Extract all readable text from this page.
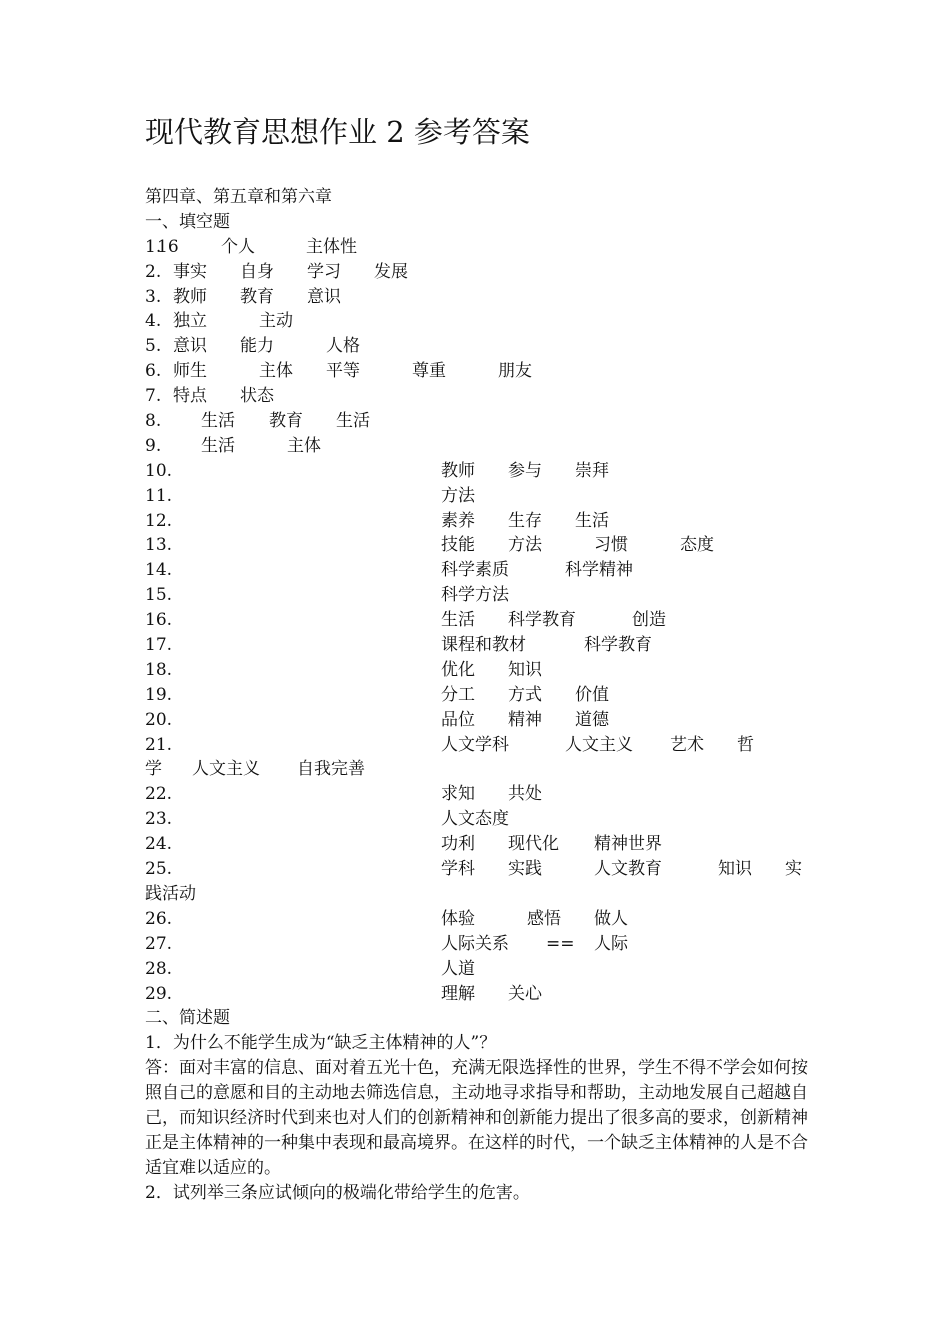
现代教育思想作业 2 参考答案
第四章、第五章和第六章
一、填空题
1.
16 个人	主体性
2. 事实 自身 学习 发展
3. 教师 教育 意识
4. 独立	主动
5. 意识 能力	人格
6. 师生	主体 平等	尊重	朋友
7. 特点 状态
8. 生活 教育 生活
9. 生活	主体
10.	教师 参与 崇拜
11.	方法
12.	素养 生存 生活
13.	技能 方法	习惯	态度
14.	科学素质	科学精神
15.	科学方法
16.	生活 科学教育	创造
17.	课程和教材	科学教育
18.	优化 知识
19.	分工 方式 价值
20.	品位 精神 道德
21.	人文学科	人文主义 艺术 哲
学 人文主义 自我完善
22.	求知 共处
23.	人文态度
24.	功利 现代化 精神世界
25.	学科 实践	人文教育	知识 实
践活动
26.	体验	感悟 做人
27.	人际关系 == 人际
28.	人道
29.	理解 关心
二、简述题
1．为什么不能学生成为“缺乏主体精神的人”？
答：面对丰富的信息、面对着五光十色，充满无限选择性的世界，学生不得不学会如何按照自己的意愿和目的主动地去筛选信息，主动地寻求指导和帮助，主动地发展自己超越自己，而知识经济时代到来也对人们的创新精神和创新能力提出了很多高的要求，创新精神正是主体精神的一种集中表现和最高境界。在这样的时代，一个缺乏主体精神的人是不合适宜难以适应的。
2．试列举三条应试倾向的极端化带给学生的危害。
